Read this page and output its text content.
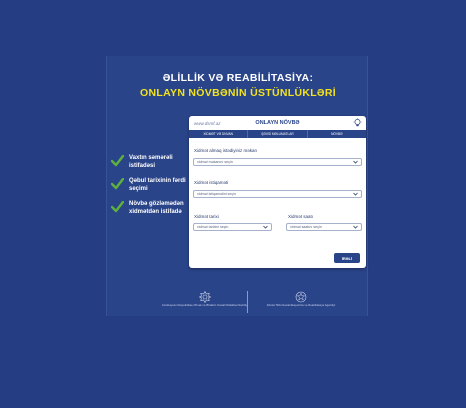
ƏLİLLİK VƏ REABİLİTASİYA:
ONLAYN NÖVBƏNİN ÜSTÜNLÜKLƏRİ
Vaxtın səmərəli istifadəsi
Qəbul tarixinin fərdi seçimi
Növbə gözləmədən xidmətdən istifadə
www.dsmf.az	ONLAYN NÖVBƏ
XİDMƏT VƏ ÜNVAN	ŞƏXSİ MƏLUMATLAR	NÖVBƏ
Xidmət almaq istədiyiniz məkan
xidmət məkanını seçin
Xidmət istiqaməti
xidmət istiqamətini seçin
Xidmət tarixi
xidmət tarixini seçin
Xidmət saatı
xidmət saatını seçin
İRƏLİ
Azərbaycan Respublikası Əmək və Əhalinin Sosial Müdafiəsi Nazirliyi	Dövlət Tibbi-Sosial Ekspertiza və Reabilitasiya Agentliyi
